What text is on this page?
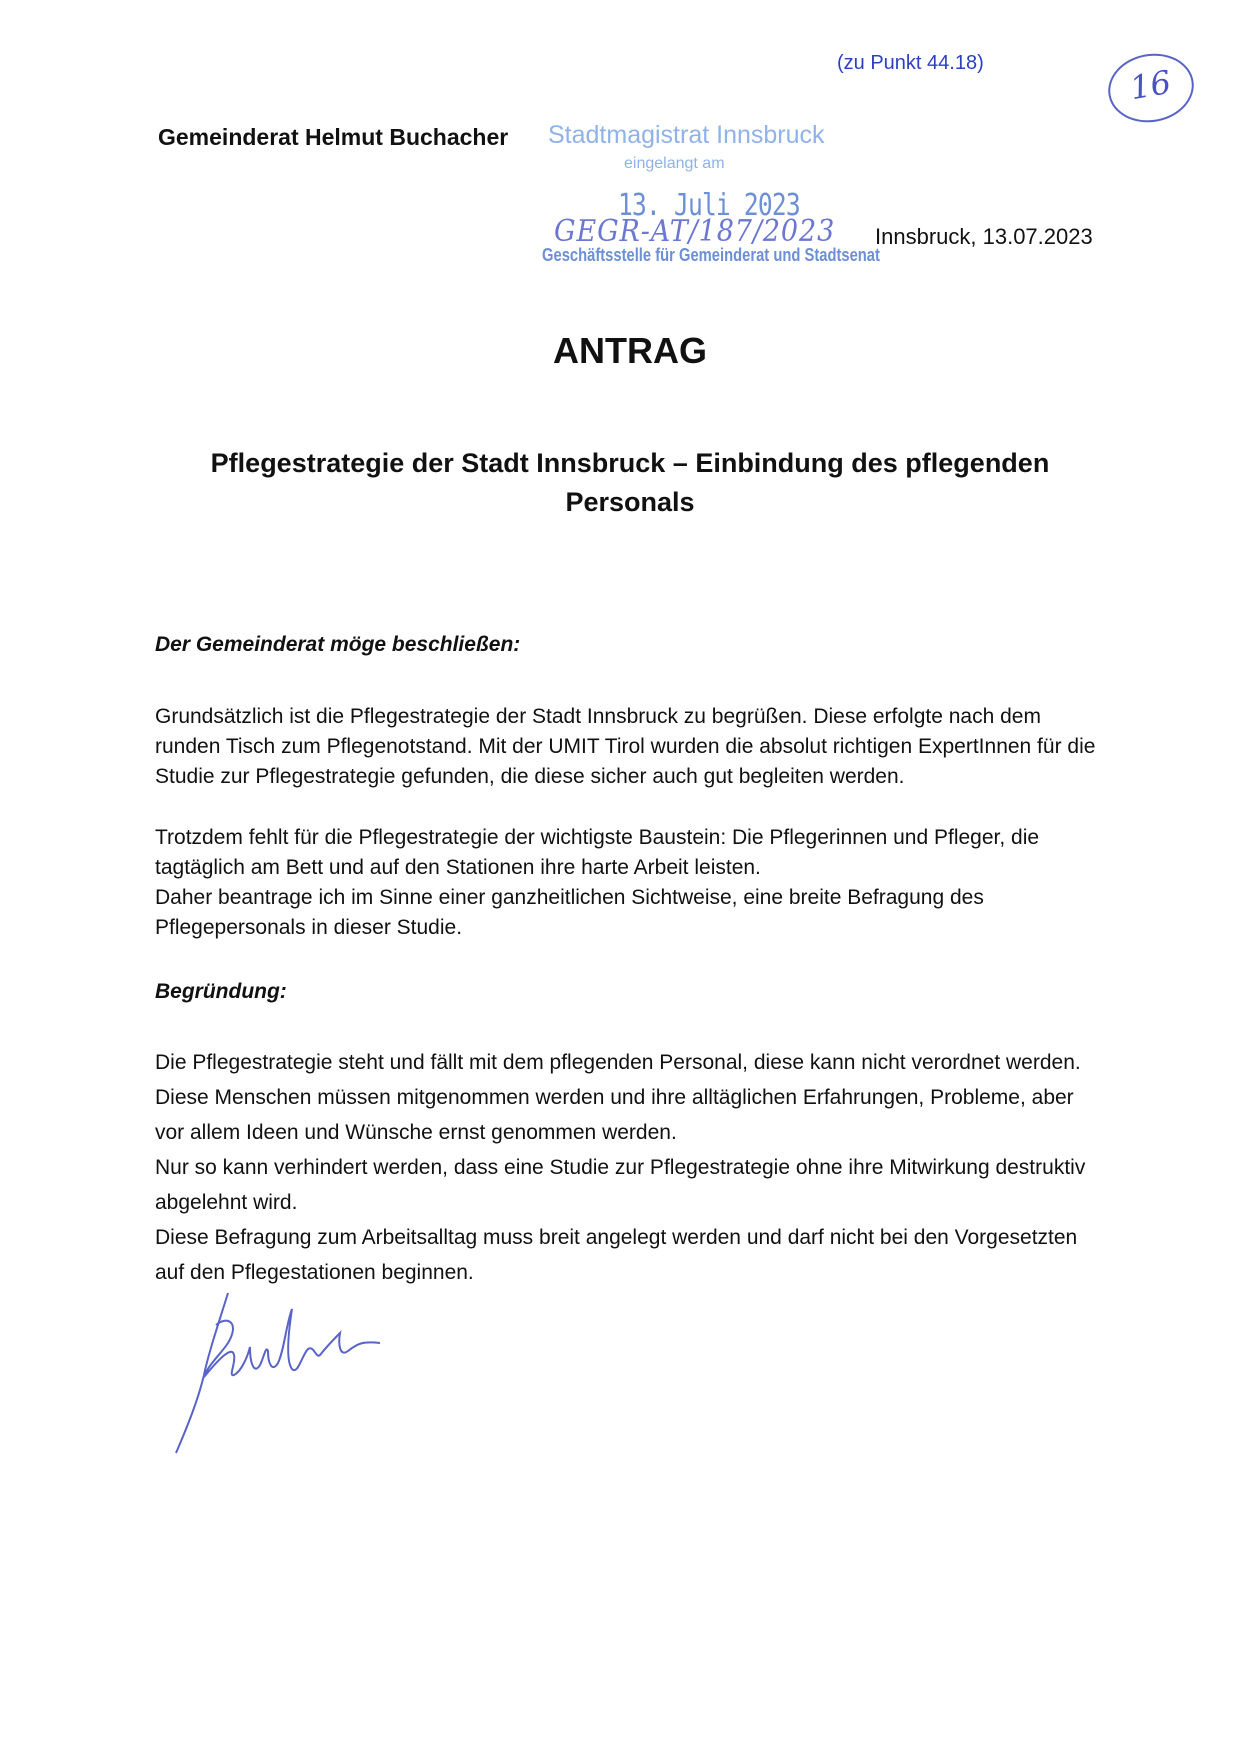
(zu Punkt 44.18)	16
Gemeinderat Helmut Buchacher Stadtmagistrat Innsbruck
eingelangt am
13. Juli 2023
GEGR-AT/187/2023
Geschäftsstelle für Gemeinderat und Stadtsenat
Innsbruck, 13.07.2023
ANTRAG
Pflegestrategie der Stadt Innsbruck – Einbindung des pflegenden Personals
Der Gemeinderat möge beschließen:

Grundsätzlich ist die Pflegestrategie der Stadt Innsbruck zu begrüßen. Diese erfolgte nach dem runden Tisch zum Pflegenotstand. Mit der UMIT Tirol wurden die absolut richtigen ExpertInnen für die Studie zur Pflegestrategie gefunden, die diese sicher auch gut begleiten werden.

Trotzdem fehlt für die Pflegestrategie der wichtigste Baustein: Die Pflegerinnen und Pfleger, die tagtäglich am Bett und auf den Stationen ihre harte Arbeit leisten.

Daher beantrage ich im Sinne einer ganzheitlichen Sichtweise, eine breite Befragung des Pflegepersonals in dieser Studie.

Begründung:

Die Pflegestrategie steht und fällt mit dem pflegenden Personal, diese kann nicht verordnet werden. Diese Menschen müssen mitgenommen werden und ihre alltäglichen Erfahrungen, Probleme, aber vor allem Ideen und Wünsche ernst genommen werden.

Nur so kann verhindert werden, dass eine Studie zur Pflegestrategie ohne ihre Mitwirkung destruktiv abgelehnt wird.

Diese Befragung zum Arbeitsalltag muss breit angelegt werden und darf nicht bei den Vorgesetzten auf den Pflegestationen beginnen.
